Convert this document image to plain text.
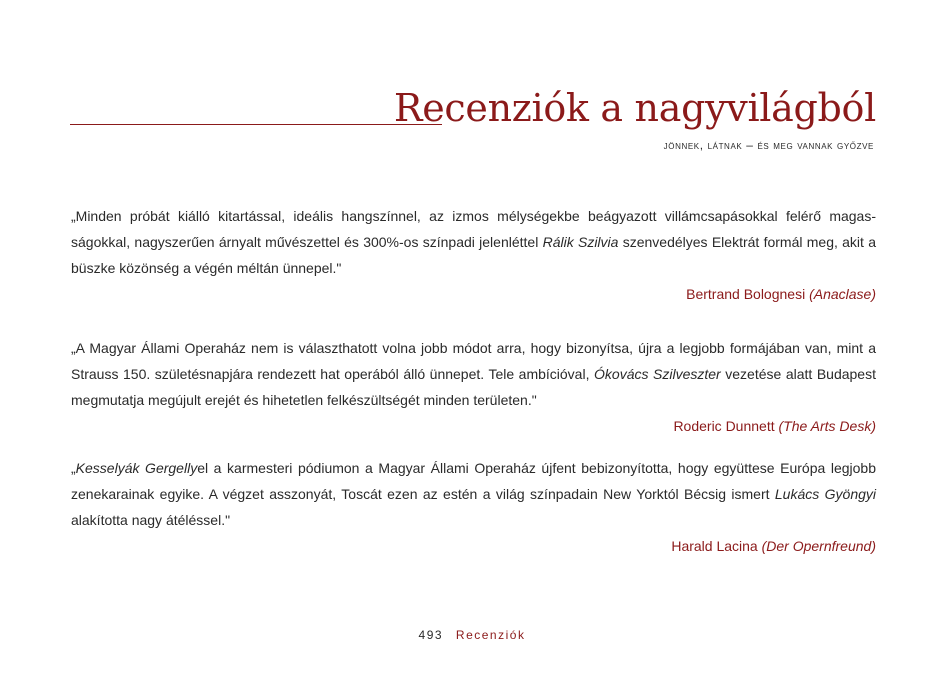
Recenziók a nagyvilágból
jönnek, látnak – és meg vannak győzve

„Minden próbát kiálló kitartással, ideális hangszínnel, az izmos mélységekbe beágyazott villámcsapásokkal felérő magas-ságokkal, nagyszerűen árnyalt művészettel és 300%-os színpadi jelenléttel Rálik Szilvia szenvedélyes Elektrát formál meg, akit a büszke közönség a végén méltán ünnepel."

Bertrand Bolognesi (Anaclase)

„A Magyar Állami Operaház nem is választhatott volna jobb módot arra, hogy bizonyítsa, újra a legjobb formájában van, mint a Strauss 150. születésnapjára rendezett hat operából álló ünnepet. Tele ambícióval, Ókovács Szilveszter vezetése alatt Budapest megmutatja megújult erejét és hihetetlen felkészültségét minden területen."

Roderic Dunnett (The Arts Desk)

„Kesselyák Gergellyel a karmesteri pódiumon a Magyar Állami Operaház újfent bebizonyította, hogy együttese Európa legjobb zenekarainak egyike. A végzet asszonyát, Toscát ezen az estén a világ színpadain New Yorktól Bécsig ismert Lukács Gyöngyi alakította nagy átéléssel."

Harald Lacina (Der Opernfreund)

493 Recenziók
